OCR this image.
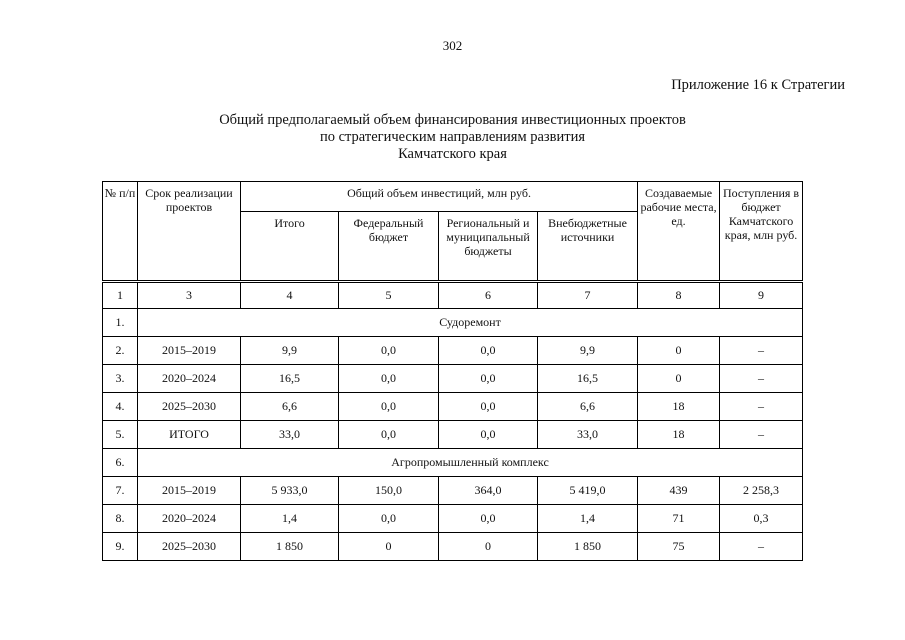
302
Приложение 16 к Стратегии
Общий предполагаемый объем финансирования инвестиционных проектов
по стратегическим направлениям развития
Камчатского края
№ п/п	Срок реализации проектов	Общий объем инвестиций, млн руб.				Создаваемые рабочие места, ед.	Поступления в бюджет Камчатского края, млн руб.
		Итого	Федеральный бюджет	Региональный и муниципальный бюджеты	Внебюджетные источники		
1	3	4	5	6	7	8	9
1.	Судоремонт						
2.	2015–2019	9,9	0,0	0,0	9,9	0	–
3.	2020–2024	16,5	0,0	0,0	16,5	0	–
4.	2025–2030	6,6	0,0	0,0	6,6	18	–
5.	ИТОГО	33,0	0,0	0,0	33,0	18	–
6.	Агропромышленный комплекс						
7.	2015–2019	5 933,0	150,0	364,0	5 419,0	439	2 258,3
8.	2020–2024	1,4	0,0	0,0	1,4	71	0,3
9.	2025–2030	1 850	0	0	1 850	75	–
